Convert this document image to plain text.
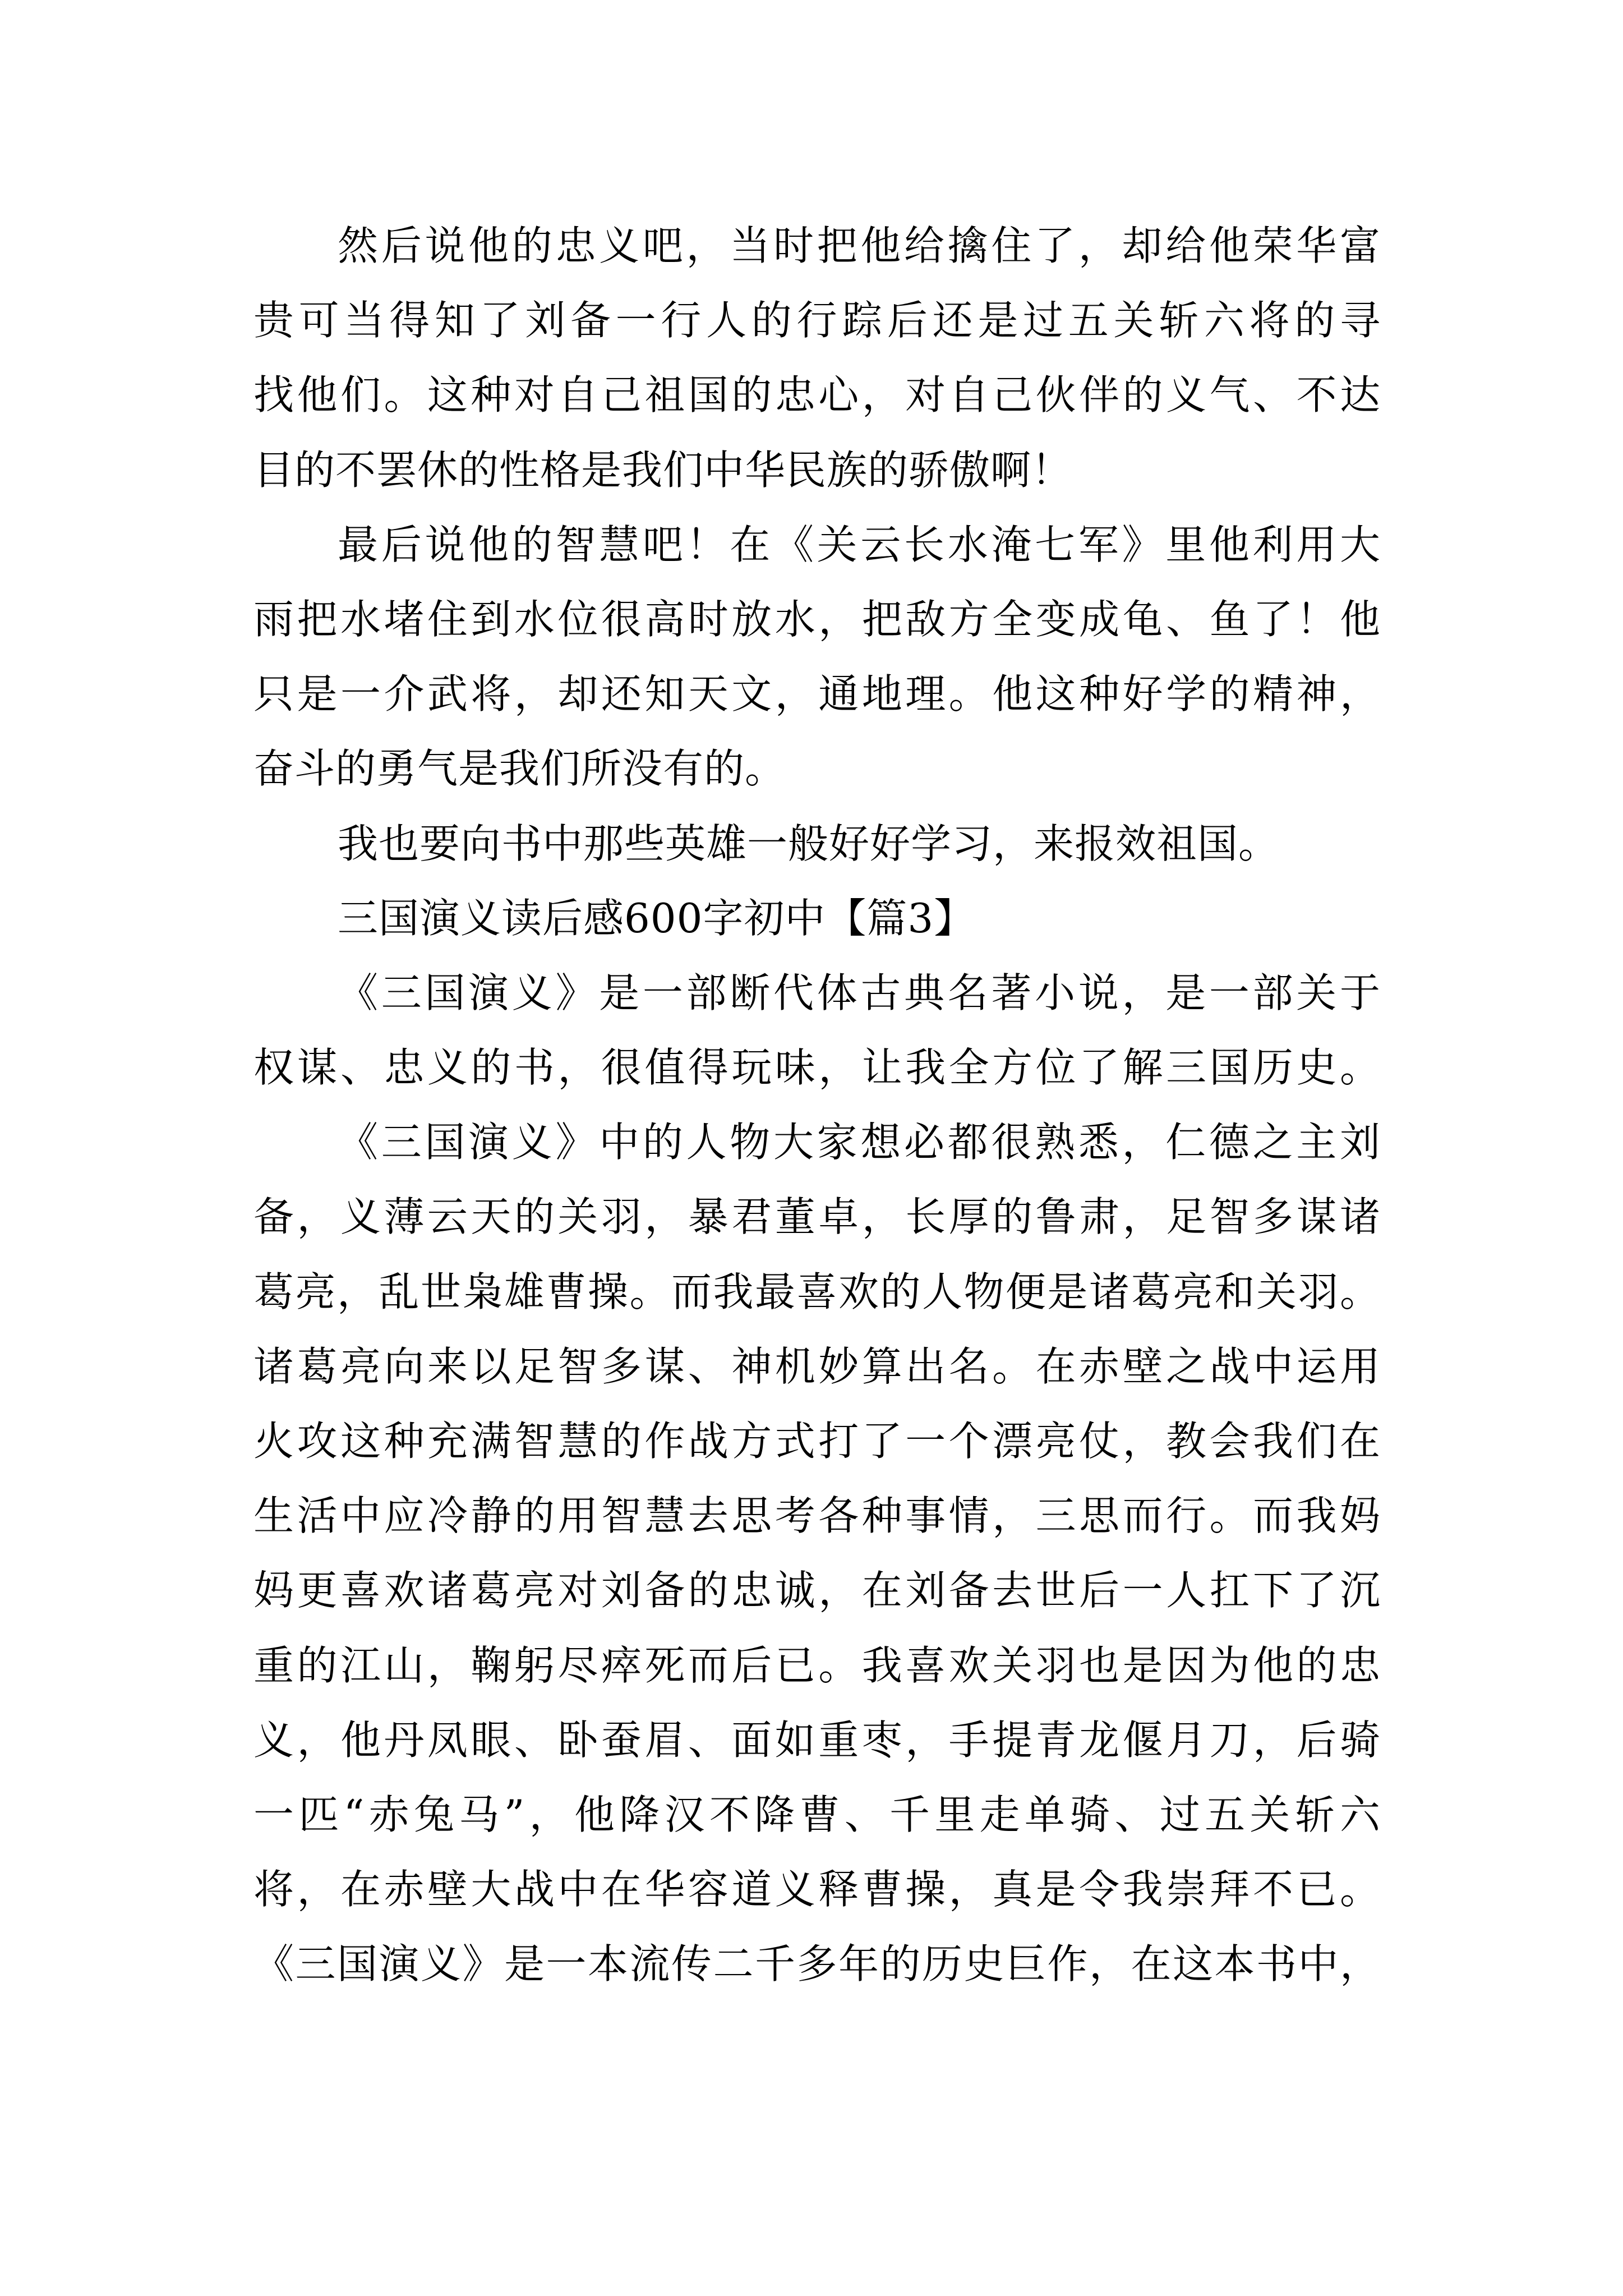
然后说他的忠义吧，当时把他给擒住了，却给他荣华富
贵可当得知了刘备一行人的行踪后还是过五关斩六将的寻
找他们。这种对自己祖国的忠心，对自己伙伴的义气、不达
目的不罢休的性格是我们中华民族的骄傲啊！
最后说他的智慧吧！在《关云长水淹七军》里他利用大
雨把水堵住到水位很高时放水，把敌方全变成龟、鱼了！他
只是一介武将，却还知天文，通地理。他这种好学的精神，
奋斗的勇气是我们所没有的。
我也要向书中那些英雄一般好好学习，来报效祖国。
三国演义读后感600字初中【篇3】
《三国演义》是一部断代体古典名著小说，是一部关于
权谋、忠义的书，很值得玩味，让我全方位了解三国历史。
《三国演义》中的人物大家想必都很熟悉，仁德之主刘
备，义薄云天的关羽，暴君董卓，长厚的鲁肃，足智多谋诸
葛亮，乱世枭雄曹操。而我最喜欢的人物便是诸葛亮和关羽。
诸葛亮向来以足智多谋、神机妙算出名。在赤壁之战中运用
火攻这种充满智慧的作战方式打了一个漂亮仗，教会我们在
生活中应冷静的用智慧去思考各种事情，三思而行。而我妈
妈更喜欢诸葛亮对刘备的忠诚，在刘备去世后一人扛下了沉
重的江山，鞠躬尽瘁死而后已。我喜欢关羽也是因为他的忠
义，他丹凤眼、卧蚕眉、面如重枣，手提青龙偃月刀，后骑
一匹“赤兔马”，他降汉不降曹、千里走单骑、过五关斩六
将，在赤壁大战中在华容道义释曹操，真是令我崇拜不已。
《三国演义》是一本流传二千多年的历史巨作，在这本书中，
